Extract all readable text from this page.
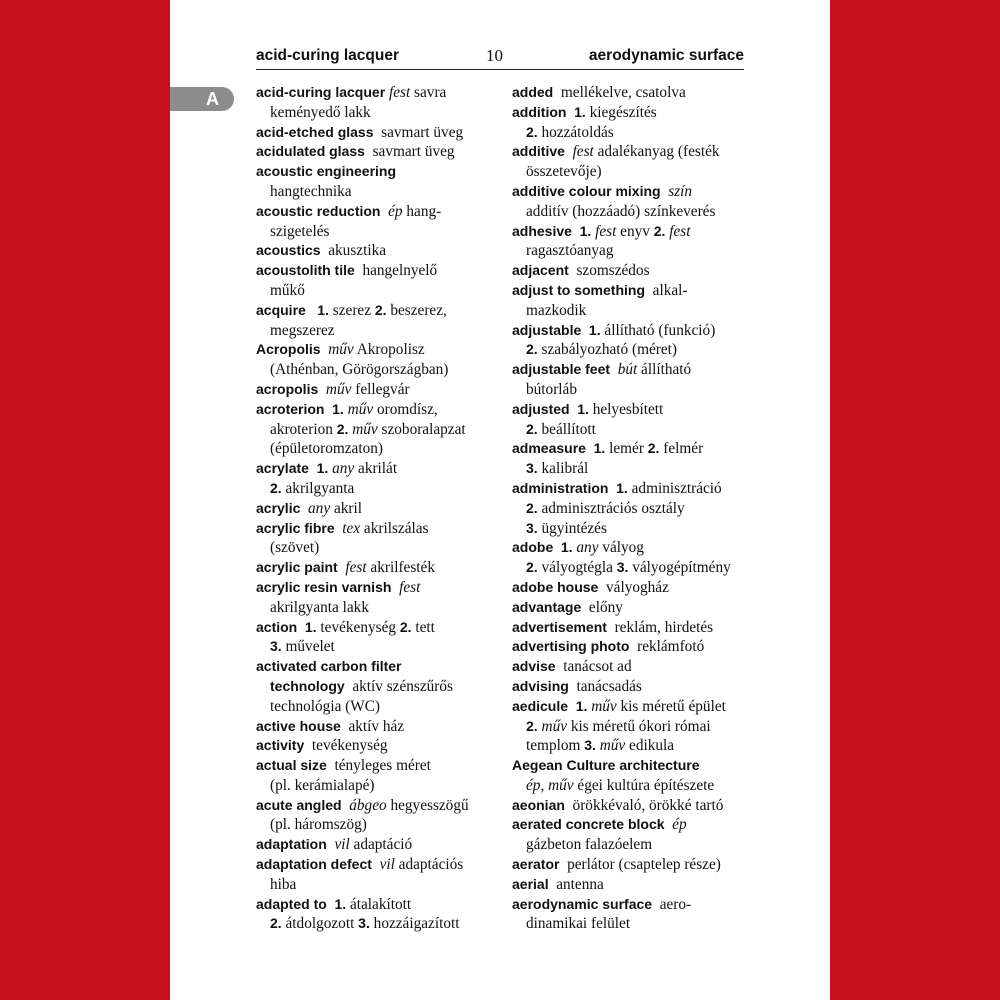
A
acid-curing lacquer	10	aerodynamic surface
acid-curing lacquer fest savra
keményedő lakk
acid-etched glass  savmart üveg
acidulated glass  savmart üveg
acoustic engineering
hangtechnika
acoustic reduction ép hang-
szigetelés
acoustics  akusztika
acoustolith tile  hangelnyelő
műkő
acquire 1. szerez 2. beszerez,
megszerez
Acropolis műv Akropolisz
(Athénban, Görögországban)
acropolis műv fellegvár
acroterion 1. műv oromdísz,
akroterion 2. műv szoboralapzat
(épületoromzaton)
acrylate 1. any akrilát
2. akrilgyanta
acrylic any akril
acrylic fibre tex akrilszálas
(szövet)
acrylic paint fest akrilfesték
acrylic resin varnish fest
akrilgyanta lakk
action 1. tevékenység 2. tett
3. művelet
activated carbon filter
technology  aktív szénszűrős
technológia (WC)
active house  aktív ház
activity  tevékenység
actual size  tényleges méret
(pl. kerámialapé)
acute angled ábgeo hegyesszögű
(pl. háromszög)
adaptation vil adaptáció
adaptation defect vil adaptációs
hiba
adapted to 1. átalakított
2. átdolgozott 3. hozzáigazított
added  mellékelve, csatolva
addition 1. kiegészítés
2. hozzátoldás
additive fest adalékanyag (festék
összetevője)
additive colour mixing szín
additív (hozzáadó) színkeverés
adhesive 1. fest enyv 2. fest
ragasztóanyag
adjacent  szomszédos
adjust to something  alkal-
mazkodik
adjustable 1. állítható (funkció)
2. szabályozható (méret)
adjustable feet bút állítható
bútorláb
adjusted 1. helyesbített
2. beállított
admeasure 1. lemér 2. felmér
3. kalibrál
administration 1. adminisztráció
2. adminisztrációs osztály
3. ügyintézés
adobe 1. any vályog
2. vályogtégla 3. vályogépítmény
adobe house  vályogház
advantage  előny
advertisement  reklám, hirdetés
advertising photo  reklámfotó
advise  tanácsot ad
advising  tanácsadás
aedicule 1. műv kis méretű épület
2. műv kis méretű ókori római
templom 3. műv edikula
Aegean Culture architecture
ép, műv égei kultúra építészete
aeonian  örökkévaló, örökké tartó
aerated concrete block ép
gázbeton falazóelem
aerator  perlátor (csaptelep része)
aerial  antenna
aerodynamic surface  aero-
dinamikai felület
